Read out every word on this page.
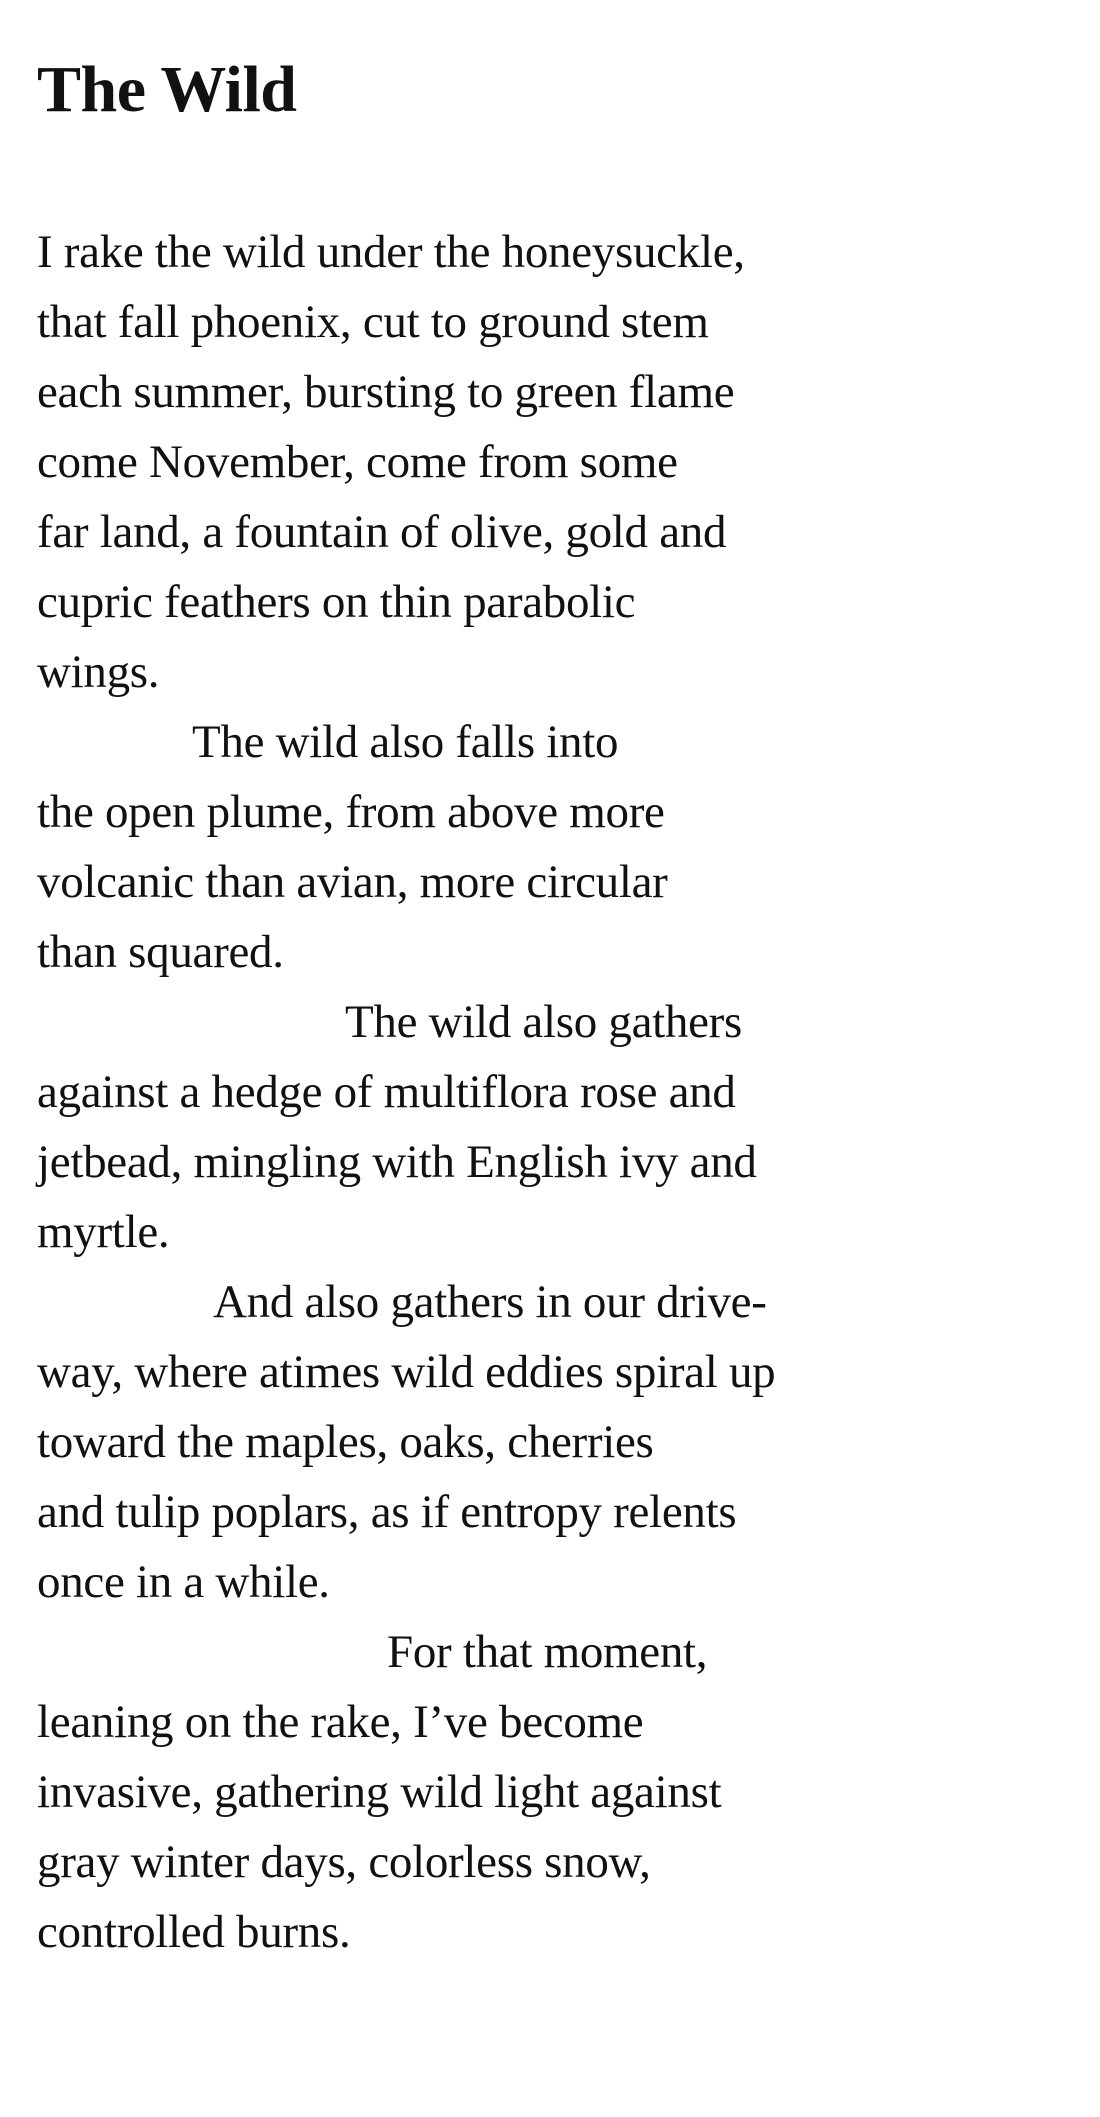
The Wild
I rake the wild under the honeysuckle,
that fall phoenix, cut to ground stem
each summer, bursting to green flame
come November, come from some
far land, a fountain of olive, gold and
cupric feathers on thin parabolic
wings.
The wild also falls into
the open plume, from above more
volcanic than avian, more circular
than squared.
The wild also gathers
against a hedge of multiflora rose and
jetbead, mingling with English ivy and
myrtle.
And also gathers in our drive-
way, where atimes wild eddies spiral up
toward the maples, oaks, cherries
and tulip poplars, as if entropy relents
once in a while.
For that moment,
leaning on the rake, I’ve become
invasive, gathering wild light against
gray winter days, colorless snow,
controlled burns.
